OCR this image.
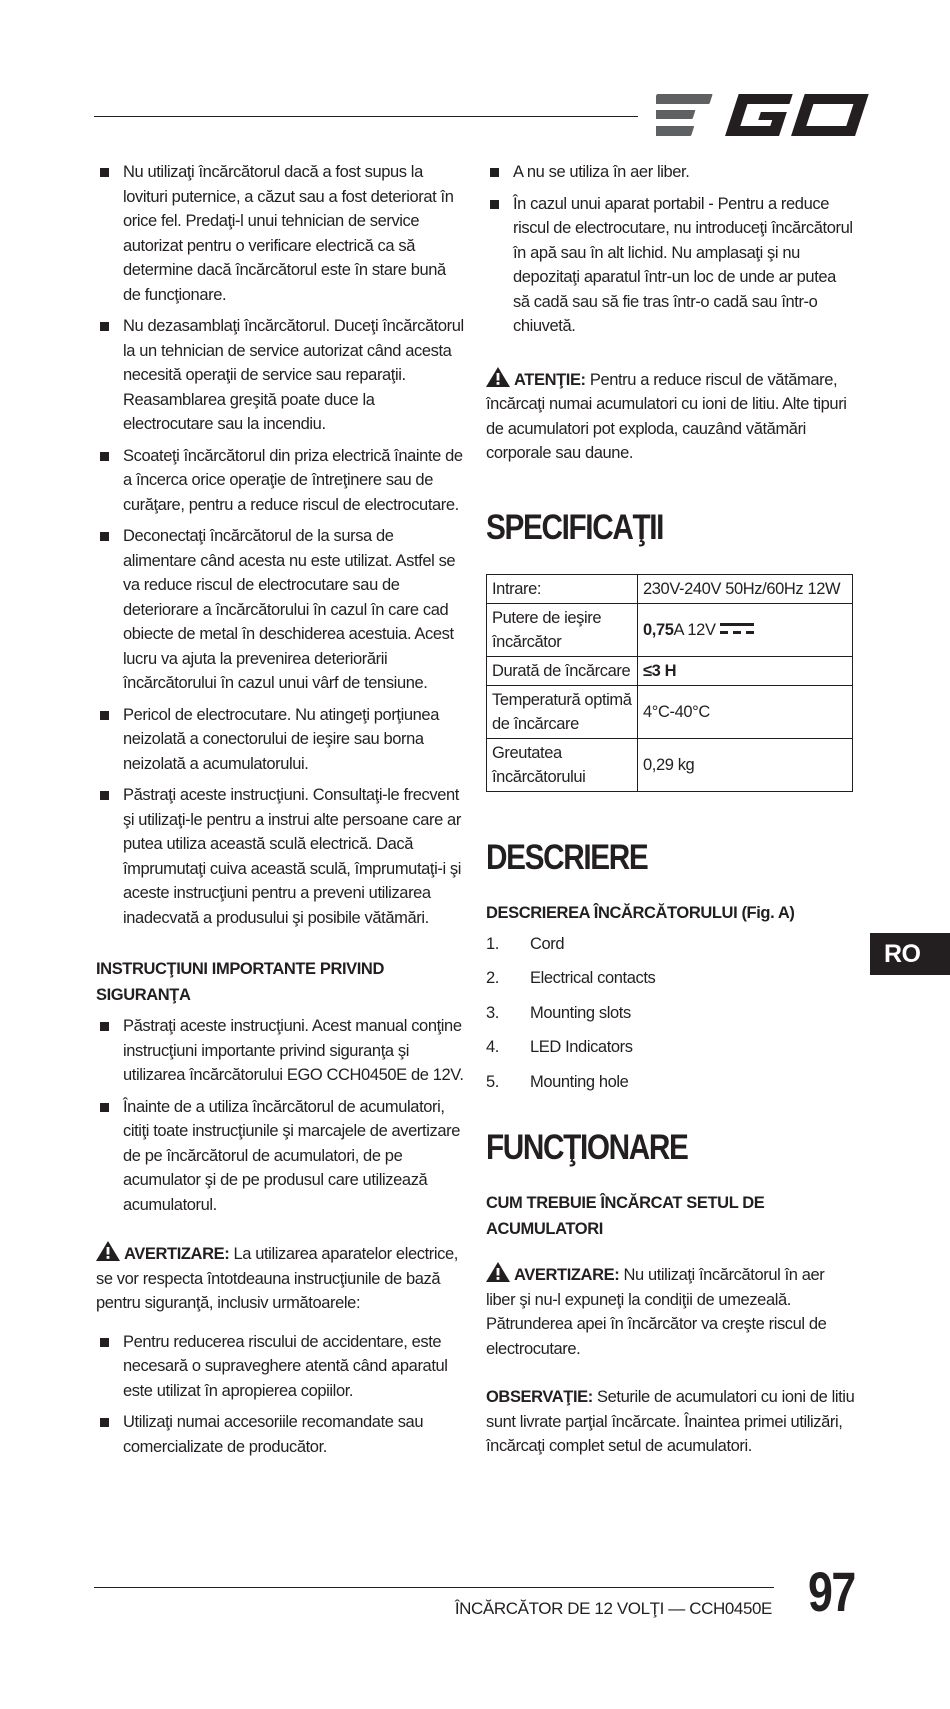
Nu utilizaţi încărcătorul dacă a fost supus la lovituri puternice, a căzut sau a fost deteriorat în orice fel. Predaţi-l unui tehnician de service autorizat pentru o verificare electrică ca să determine dacă încărcătorul este în stare bună de funcţionare.
Nu dezasamblaţi încărcătorul. Duceţi încărcătorul la un tehnician de service autorizat când acesta necesită operaţii de service sau reparaţii. Reasamblarea greşită poate duce la electrocutare sau la incendiu.
Scoateţi încărcătorul din priza electrică înainte de a încerca orice operaţie de întreţinere sau de curăţare, pentru a reduce riscul de electrocutare.
Deconectaţi încărcătorul de la sursa de alimentare când acesta nu este utilizat. Astfel se va reduce riscul de electrocutare sau de deteriorare a încărcătorului în cazul în care cad obiecte de metal în deschiderea acestuia. Acest lucru va ajuta la prevenirea deteriorării încărcătorului în cazul unui vârf de tensiune.
Pericol de electrocutare. Nu atingeţi porţiunea neizolată a conectorului de ieşire sau borna neizolată a acumulatorului.
Păstraţi aceste instrucţiuni. Consultaţi-le frecvent şi utilizaţi-le pentru a instrui alte persoane care ar putea utiliza această sculă electrică. Dacă împrumutaţi cuiva această sculă, împrumutaţi-i şi aceste instrucţiuni pentru a preveni utilizarea inadecvată a produsului şi posibile vătămări.
INSTRUCŢIUNI IMPORTANTE PRIVIND SIGURANŢA
Păstraţi aceste instrucţiuni. Acest manual conţine instrucţiuni importante privind siguranţa şi utilizarea încărcătorului EGO CCH0450E de 12V.
Înainte de a utiliza încărcătorul de acumulatori, citiţi toate instrucţiunile şi marcajele de avertizare de pe încărcătorul de acumulatori, de pe acumulator şi de pe produsul care utilizează acumulatorul.

AVERTIZARE: La utilizarea aparatelor electrice, se vor respecta întotdeauna instrucţiunile de bază pentru siguranţă, inclusiv următoarele:

Pentru reducerea riscului de accidentare, este necesară o supraveghere atentă când aparatul este utilizat în apropierea copiilor.
Utilizaţi numai accesoriile recomandate sau comercializate de producător.
A nu se utiliza în aer liber.
În cazul unui aparat portabil - Pentru a reduce riscul de electrocutare, nu introduceţi încărcătorul în apă sau în alt lichid. Nu amplasaţi şi nu depozitaţi aparatul într-un loc de unde ar putea să cadă sau să fie tras într-o cadă sau într-o chiuvetă.

ATENŢIE: Pentru a reduce riscul de vătămare, încărcaţi numai acumulatori cu ioni de litiu. Alte tipuri de acumulatori pot exploda, cauzând vătămări corporale sau daune.

SPECIFICAŢII
Intrare:	230V-240V 50Hz/60Hz 12W
Putere de ieşire încărcător	0,75A 12V
Durată de încărcare	≤3 H
Temperatură optimă de încărcare	4°C-40°C
Greutatea încărcătorului	0,29 kg
DESCRIERE
DESCRIEREA ÎNCĂRCĂTORULUI (Fig. A)
1.	Cord
2.	Electrical contacts
3.	Mounting slots
4.	LED Indicators
5.	Mounting hole
FUNCŢIONARE
CUM TREBUIE ÎNCĂRCAT SETUL DE ACUMULATORI

AVERTIZARE: Nu utilizaţi încărcătorul în aer liber şi nu-l expuneţi la condiţii de umezeală. Pătrunderea apei în încărcător va creşte riscul de electrocutare.

OBSERVAŢIE: Seturile de acumulatori cu ioni de litiu sunt livrate parţial încărcate. Înaintea primei utilizări, încărcaţi complet setul de acumulatori.

RO
ÎNCĂRCĂTOR DE 12 VOLŢI — CCH0450E 97
